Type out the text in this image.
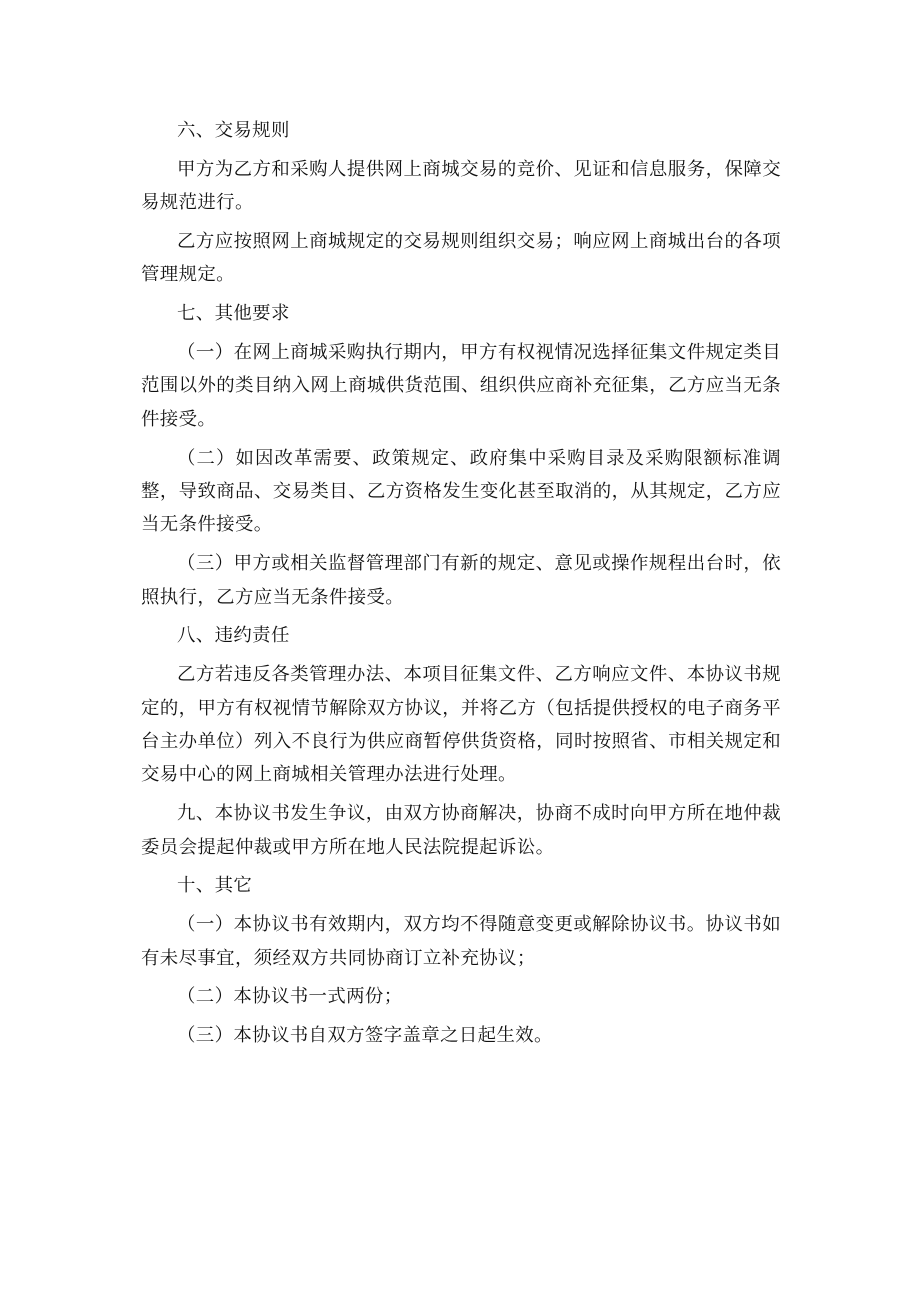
六、交易规则

甲方为乙方和采购人提供网上商城交易的竞价、见证和信息服务，保障交易规范进行。

乙方应按照网上商城规定的交易规则组织交易；响应网上商城出台的各项管理规定。

七、其他要求

（一）在网上商城采购执行期内，甲方有权视情况选择征集文件规定类目范围以外的类目纳入网上商城供货范围、组织供应商补充征集，乙方应当无条件接受。

（二）如因改革需要、政策规定、政府集中采购目录及采购限额标准调整，导致商品、交易类目、乙方资格发生变化甚至取消的，从其规定，乙方应当无条件接受。

（三）甲方或相关监督管理部门有新的规定、意见或操作规程出台时，依照执行，乙方应当无条件接受。

八、违约责任

乙方若违反各类管理办法、本项目征集文件、乙方响应文件、本协议书规定的，甲方有权视情节解除双方协议，并将乙方（包括提供授权的电子商务平台主办单位）列入不良行为供应商暂停供货资格，同时按照省、市相关规定和交易中心的网上商城相关管理办法进行处理。

九、本协议书发生争议，由双方协商解决，协商不成时向甲方所在地仲裁委员会提起仲裁或甲方所在地人民法院提起诉讼。

十、其它

（一）本协议书有效期内，双方均不得随意变更或解除协议书。协议书如有未尽事宜，须经双方共同协商订立补充协议；

（二）本协议书一式两份；

（三）本协议书自双方签字盖章之日起生效。
